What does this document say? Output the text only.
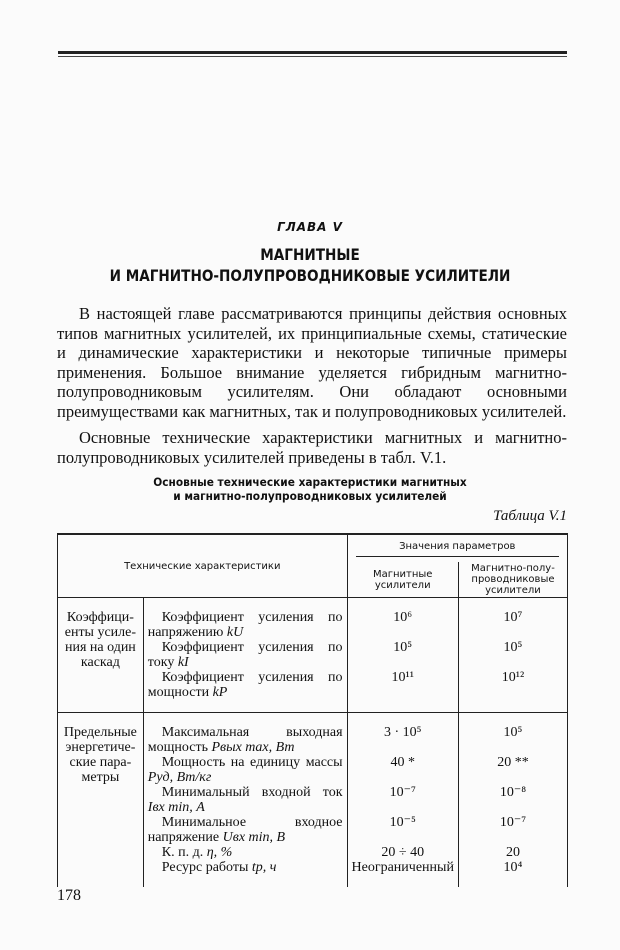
ГЛАВА V
МАГНИТНЫЕ
И МАГНИТНО-ПОЛУПРОВОДНИКОВЫЕ УСИЛИТЕЛИ

В настоящей главе рассматриваются принципы действия основных типов магнитных усилителей, их принципиальные схемы, статические и динамические характеристики и некоторые типичные примеры применения. Большое внимание уделяется гибридным магнитно-полупроводниковым усилителям. Они обладают основными преимуществами как магнитных, так и полупроводниковых усилителей.

Основные технические характеристики магнитных и магнитно-полупроводниковых усилителей приведены в табл. V.1.

Основные технические характеристики магнитных
и магнитно-полупроводниковых усилителей
Таблица V.1
Технические характеристики		Значения параметров	

		Магнитные усилители	Магнитно-полу-проводниковые усилители
Коэффици-енты усиле-ния на один каскад	Коэффициент усиления по напряжению kU	10⁶	10⁷
	Коэффициент усиления по току kI	10⁵	10⁵
	Коэффициент усиления по мощности kP	10¹¹	10¹²
Предельные энергетиче-ские пара-метры	Максимальная выходная мощность Pвых max, Вт	3 · 10⁵	10⁵
	Мощность на единицу массы Pуд, Вт/кг	40 *	20 **
	Минимальный входной ток Iвх min, А	10⁻⁷	10⁻⁸
	Минимальное входное напряжение Uвх min, В	10⁻⁵	10⁻⁷
	К. п. д. η, %	20 ÷ 40	20
	Ресурс работы tр, ч	Неограниченный	10⁴
178
